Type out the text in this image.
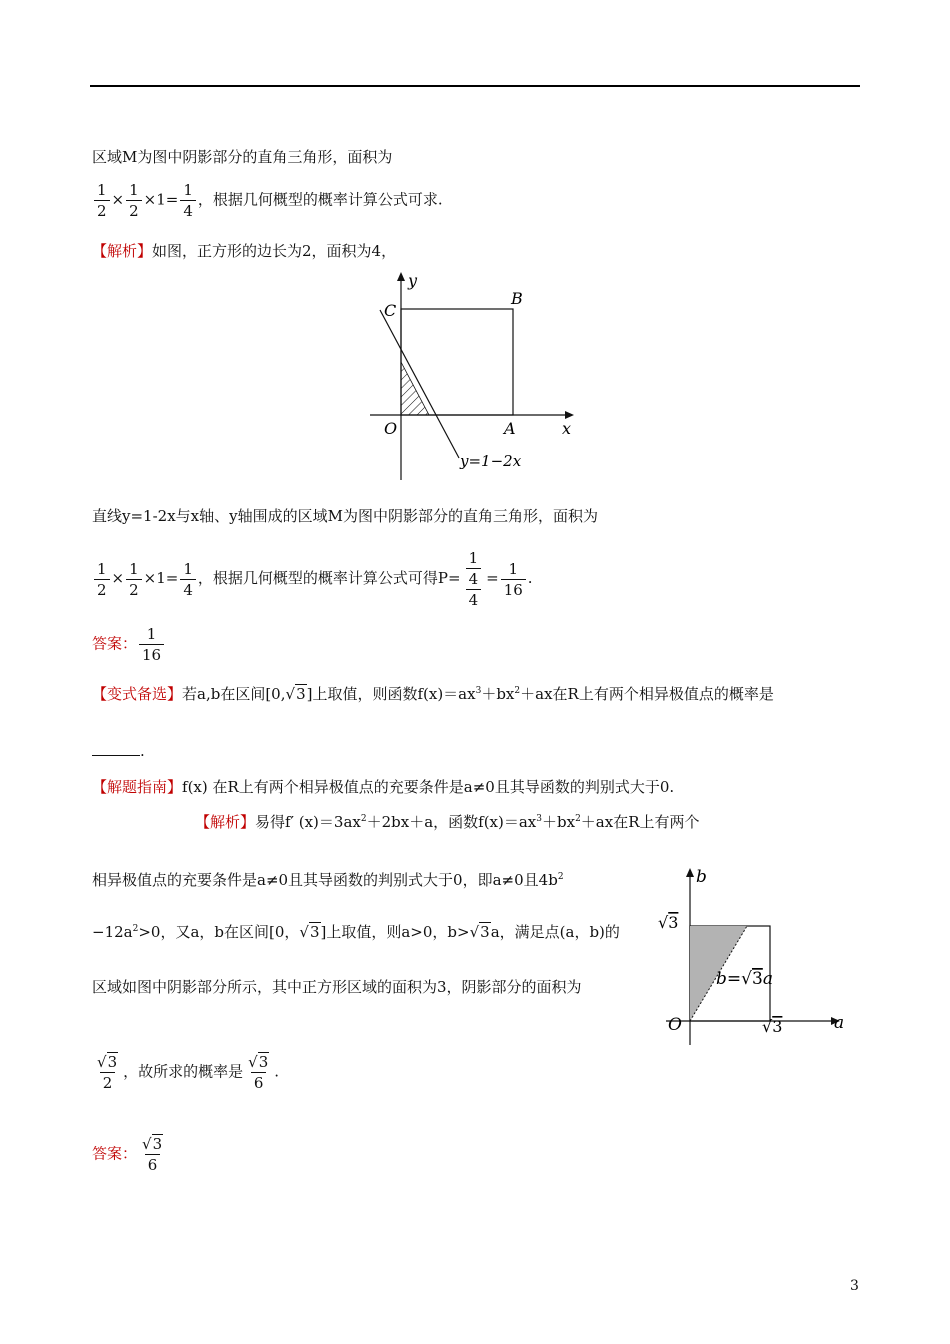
区域M为图中阴影部分的直角三角形，面积为
$\frac{1}{2} \times \frac{1}{2} \times 1= \frac{1}{4}$ ，根据几何概型的概率计算公式可求.
【解析】如图，正方形的边长为2，面积为4，
y
x
C
B
O	A
y=1−2x
直线y=1-2x与x轴、y轴围成的区域M为图中阴影部分的直角三角形，面积为
$\frac{1}{2} \times \frac{1}{2} \times 1= \frac{1}{4}$ ，根据几何概型的概率计算公式可得$P= \frac{\frac{1}{4}}{4} = \frac{1}{16}$ .
答案： $\frac{1}{16}$
【变式备选】若a,b在区间[0,√3]上取值，则函数$f(x)=ax^3+bx^2+ax$在R上有两个相异极值点的概率是
.
【解题指南】f(x) 在R上有两个相异极值点的充要条件是a≠0且其导函数的判别式大于0.
【解析】易得f′ $(x)=3ax^2+2bx+a$，函数$f(x)=ax^3+bx^2+ax$在R上有两个
相异极值点的充要条件是a≠0且其导函数的判别式大于0，即a≠0且$4b^2$
$-12a^2>0$，又a，b在区间[0，√3]上取值，则a>0，b>√3a，满足点(a，b)的
区域如图中阴影部分所示，其中正方形区域的面积为3，阴影部分的面积为
b
a
O
√3
√3
b=√3a
$\frac{√3}{2}$ ，故所求的概率是 $\frac{√3}{6}$ .
答案： $\frac{√3}{6}$
3
